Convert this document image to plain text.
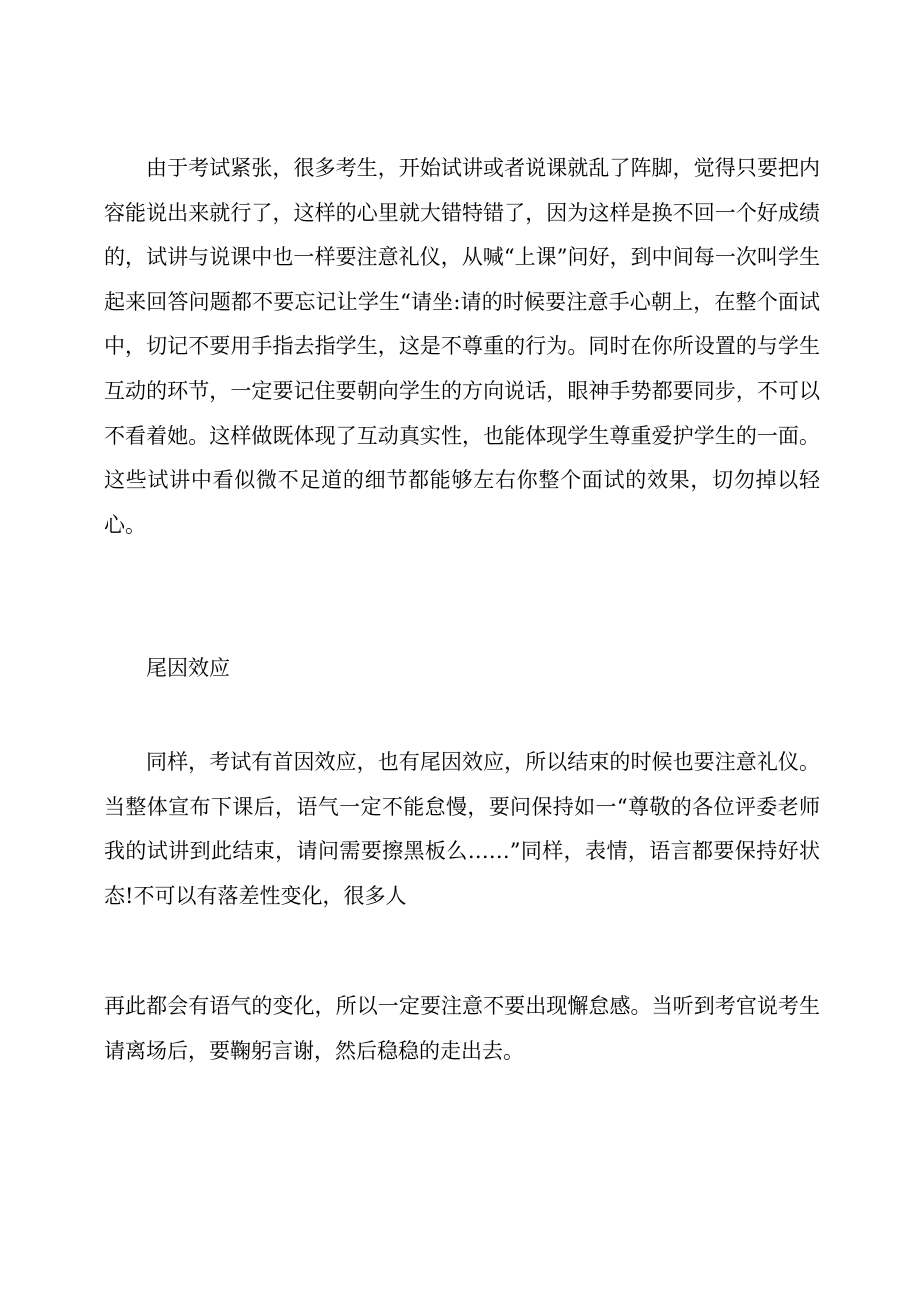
由于考试紧张，很多考生，开始试讲或者说课就乱了阵脚，觉得只要把内容能说出来就行了，这样的心里就大错特错了，因为这样是换不回一个好成绩的，试讲与说课中也一样要注意礼仪，从喊“上课”问好，到中间每一次叫学生起来回答问题都不要忘记让学生“请坐:请的时候要注意手心朝上，在整个面试中，切记不要用手指去指学生，这是不尊重的行为。同时在你所设置的与学生互动的环节，一定要记住要朝向学生的方向说话，眼神手势都要同步，不可以不看着她。这样做既体现了互动真实性，也能体现学生尊重爱护学生的一面。这些试讲中看似微不足道的细节都能够左右你整个面试的效果，切勿掉以轻心。

尾因效应

同样，考试有首因效应，也有尾因效应，所以结束的时候也要注意礼仪。当整体宣布下课后，语气一定不能怠慢，要问保持如一“尊敬的各位评委老师我的试讲到此结束，请问需要擦黑板么……”同样，表情，语言都要保持好状态!不可以有落差性变化，很多人

再此都会有语气的变化，所以一定要注意不要出现懈怠感。当听到考官说考生请离场后，要鞠躬言谢，然后稳稳的走出去。
